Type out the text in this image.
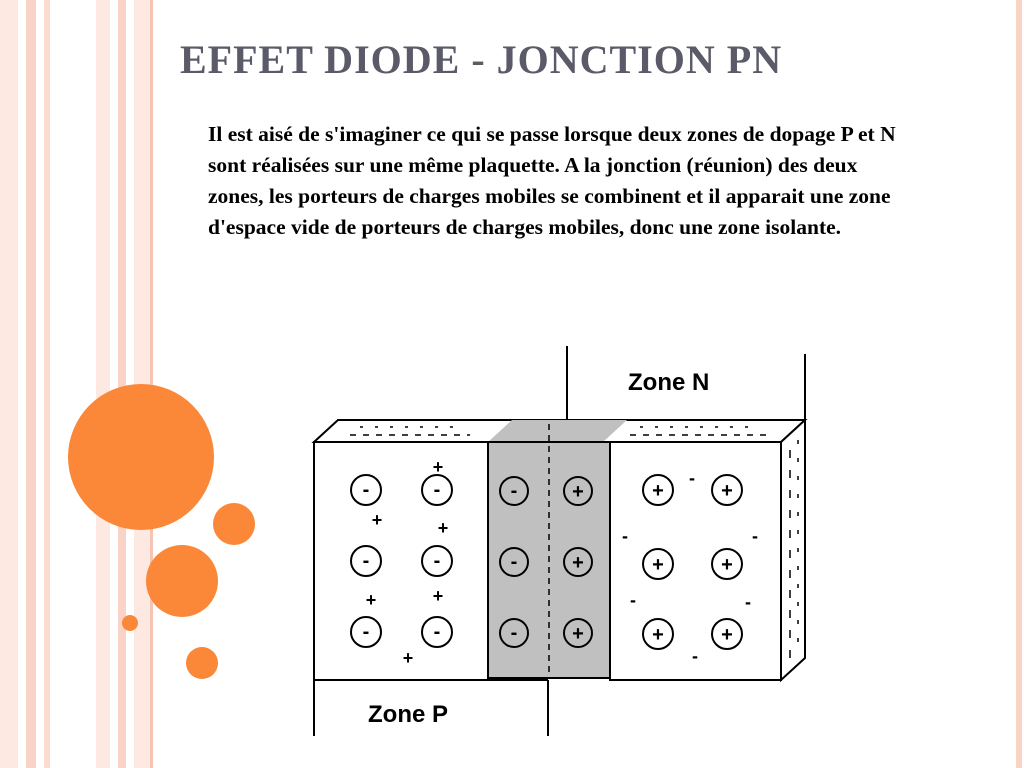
EFFET DIODE - JONCTION PN

Il est aisé de s'imaginer ce qui se passe lorsque deux zones de dopage P et N sont réalisées sur une même plaquette. A la jonction (réunion) des deux zones, les porteurs de charges mobiles se combinent et il apparait une zone d'espace vide de porteurs de charges mobiles, donc une zone isolante.

Zone N
Zone P
-	-
-	-
-	-
+
+	+
+	+
+
-
-
-
+
+
+
+	+
+	+
+	+
-
-	-
-	-
-
